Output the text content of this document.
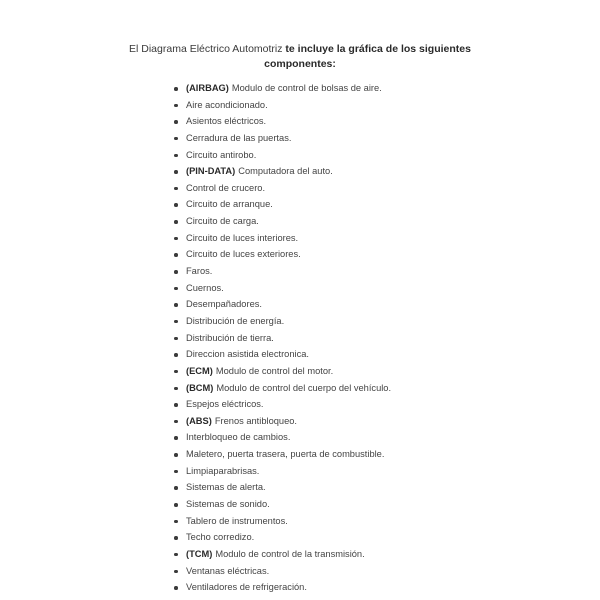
El Diagrama Eléctrico Automotriz te incluye la gráfica de los siguientes
componentes:
(AIRBAG) Modulo de control de bolsas de aire.
Aire acondicionado.
Asientos eléctricos.
Cerradura de las puertas.
Circuito antirobo.
(PIN-DATA) Computadora del auto.
Control de crucero.
Circuito de arranque.
Circuito de carga.
Circuito de luces interiores.
Circuito de luces exteriores.
Faros.
Cuernos.
Desempañadores.
Distribución de energía.
Distribución de tierra.
Direccion asistida electronica.
(ECM) Modulo de control del motor.
(BCM) Modulo de control del cuerpo del vehículo.
Espejos eléctricos.
(ABS) Frenos antibloqueo.
Interbloqueo de cambios.
Maletero, puerta trasera, puerta de combustible.
Limpiaparabrisas.
Sistemas de alerta.
Sistemas de sonido.
Tablero de instrumentos.
Techo corredizo.
(TCM) Modulo de control de la transmisión.
Ventanas eléctricas.
Ventiladores de refrigeración.
